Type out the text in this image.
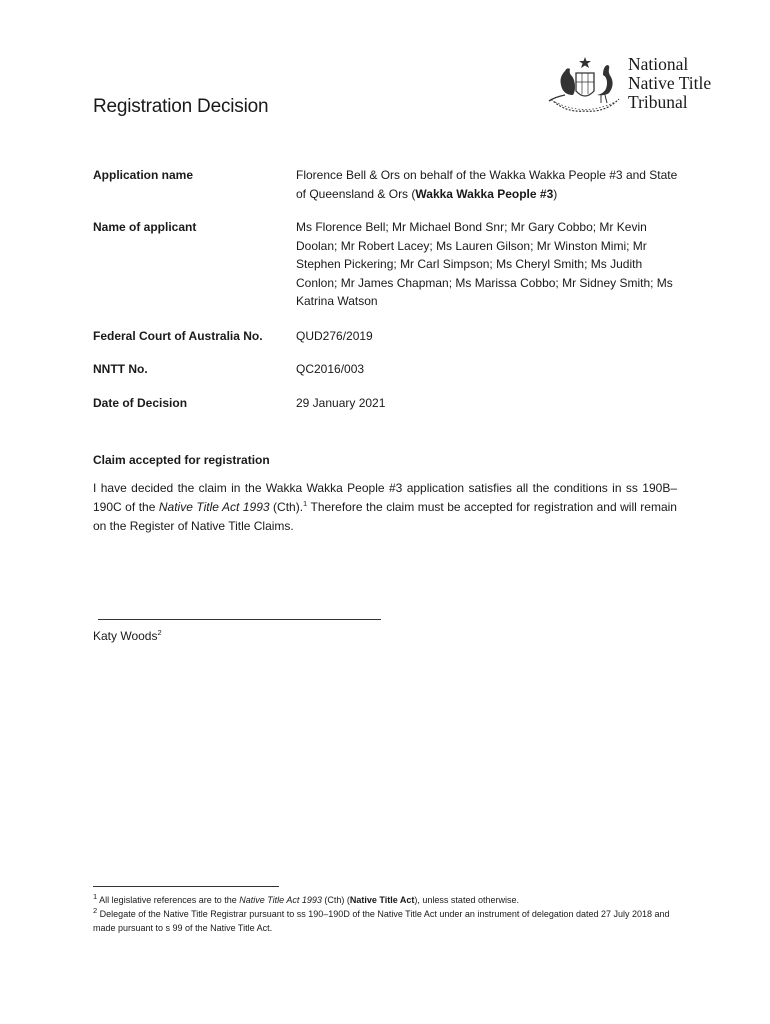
National
Native Title
Tribunal
Registration Decision
Application name	Florence Bell & Ors on behalf of the Wakka Wakka People #3 and State of Queensland & Ors (Wakka Wakka People #3)
Name of applicant	Ms Florence Bell; Mr Michael Bond Snr; Mr Gary Cobbo; Mr Kevin Doolan; Mr Robert Lacey; Ms Lauren Gilson; Mr Winston Mimi; Mr Stephen Pickering; Mr Carl Simpson; Ms Cheryl Smith; Ms Judith Conlon; Mr James Chapman; Ms Marissa Cobbo; Mr Sidney Smith; Ms Katrina Watson
Federal Court of Australia No.	QUD276/2019
NNTT No.	QC2016/003
Date of Decision	29 January 2021
Claim accepted for registration

I have decided the claim in the Wakka Wakka People #3 application satisfies all the conditions in ss 190B–190C of the Native Title Act 1993 (Cth).$^1$ Therefore the claim must be accepted for registration and will remain on the Register of Native Title Claims.

Katy Woods$^2$

$^1$ All legislative references are to the Native Title Act 1993 (Cth) (Native Title Act), unless stated otherwise.

$^2$ Delegate of the Native Title Registrar pursuant to ss 190–190D of the Native Title Act under an instrument of delegation dated 27 July 2018 and made pursuant to s 99 of the Native Title Act.
